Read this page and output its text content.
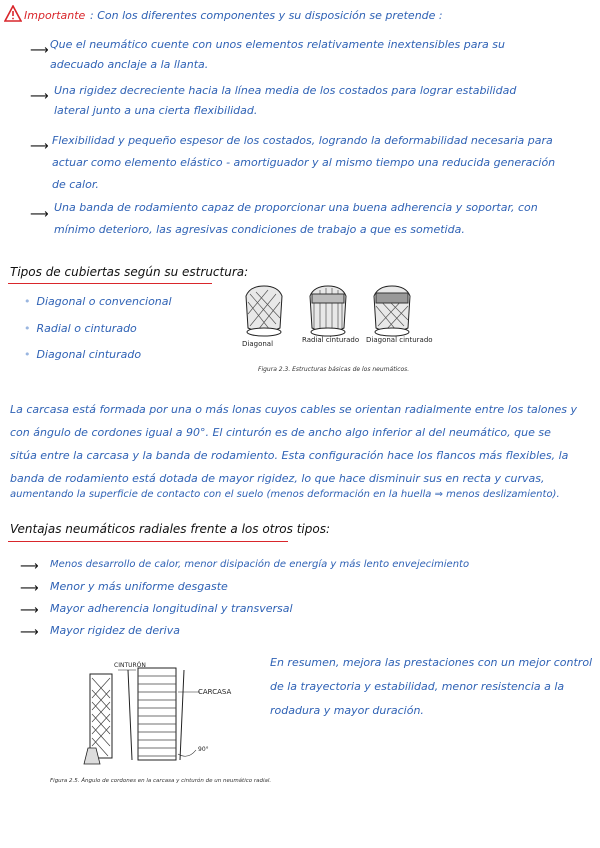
Importante : Con los diferentes componentes y su disposición se pretende :
⟶ Que el neumático cuente con unos elementos relativamente inextensibles para su
adecuado anclaje a la llanta.
⟶ Una rigidez decreciente hacia la línea media de los costados para lograr estabilidad
lateral junto a una cierta flexibilidad.
⟶ Flexibilidad y pequeño espesor de los costados, logrando la deformabilidad necesaria para
actuar como elemento elástico - amortiguador y al mismo tiempo una reducida generación
de calor.
⟶ Una banda de rodamiento capaz de proporcionar una buena adherencia y soportar, con
mínimo deterioro, las agresivas condiciones de trabajo a que es sometida.
Tipos de cubiertas según su estructura:
• Diagonal o convencional
• Radial o cinturado
• Diagonal cinturado
Diagonal	Radial cinturado Diagonal cinturado
Figura 2.3. Estructuras básicas de los neumáticos.
La carcasa está formada por una o más lonas cuyos cables se orientan radialmente entre los talones y
con ángulo de cordones igual a 90°. El cinturón es de ancho algo inferior al del neumático, que se
sitúa entre la carcasa y la banda de rodamiento. Esta configuración hace los flancos más flexibles, la
banda de rodamiento está dotada de mayor rigidez, lo que hace disminuir sus en recta y curvas,
aumentando la superficie de contacto con el suelo (menos deformación en la huella ⇒ menos deslizamiento).
Ventajas neumáticos radiales frente a los otros tipos:
⟶ Menos desarrollo de calor, menor disipación de energía y más lento envejecimiento
⟶ Menor y más uniforme desgaste
⟶ Mayor adherencia longitudinal y transversal
⟶ Mayor rigidez de deriva
CINTURÓN
CARCASA
90°
Figura 2.5. Ángulo de cordones en la carcasa y cinturón de un neumático radial.
En resumen, mejora las prestaciones con un mejor control
de la trayectoria y estabilidad, menor resistencia a la
rodadura y mayor duración.
